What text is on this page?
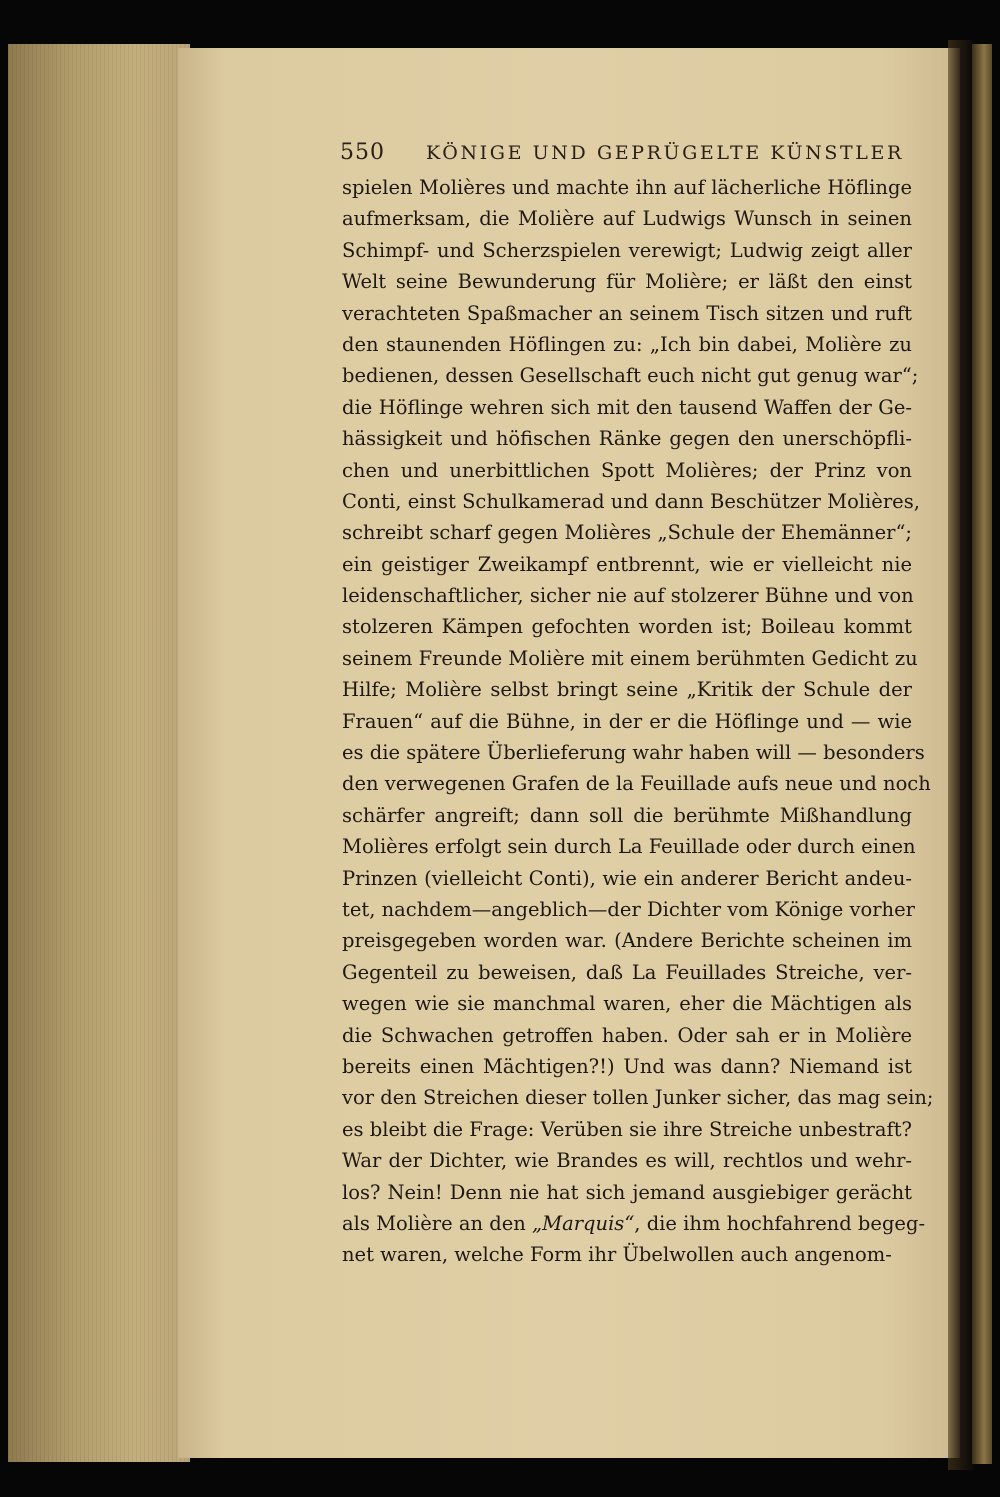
550 KÖNIGE UND GEPRÜGELTE KÜNSTLER
spielen Molières und machte ihn auf lächerliche Höflinge
aufmerksam, die Molière auf Ludwigs Wunsch in seinen
Schimpf- und Scherzspielen verewigt; Ludwig zeigt aller
Welt seine Bewunderung für Molière; er läßt den einst
verachteten Spaßmacher an seinem Tisch sitzen und ruft
den staunenden Höflingen zu: „Ich bin dabei, Molière zu
bedienen, dessen Gesellschaft euch nicht gut genug war“;
die Höflinge wehren sich mit den tausend Waffen der Ge-
hässigkeit und höfischen Ränke gegen den unerschöpfli-
chen und unerbittlichen Spott Molières; der Prinz von
Conti, einst Schulkamerad und dann Beschützer Molières,
schreibt scharf gegen Molières „Schule der Ehemänner“;
ein geistiger Zweikampf entbrennt, wie er vielleicht nie
leidenschaftlicher, sicher nie auf stolzerer Bühne und von
stolzeren Kämpen gefochten worden ist; Boileau kommt
seinem Freunde Molière mit einem berühmten Gedicht zu
Hilfe; Molière selbst bringt seine „Kritik der Schule der
Frauen“ auf die Bühne, in der er die Höflinge und — wie
es die spätere Überlieferung wahr haben will — besonders
den verwegenen Grafen de la Feuillade aufs neue und noch
schärfer angreift; dann soll die berühmte Mißhandlung
Molières erfolgt sein durch La Feuillade oder durch einen
Prinzen (vielleicht Conti), wie ein anderer Bericht andeu-
tet, nachdem—angeblich—der Dichter vom Könige vorher
preisgegeben worden war. (Andere Berichte scheinen im
Gegenteil zu beweisen, daß La Feuillades Streiche, ver-
wegen wie sie manchmal waren, eher die Mächtigen als
die Schwachen getroffen haben. Oder sah er in Molière
bereits einen Mächtigen?!) Und was dann? Niemand ist
vor den Streichen dieser tollen Junker sicher, das mag sein;
es bleibt die Frage: Verüben sie ihre Streiche unbestraft?
War der Dichter, wie Brandes es will, rechtlos und wehr-
los? Nein! Denn nie hat sich jemand ausgiebiger gerächt
als Molière an den „Marquis“, die ihm hochfahrend begeg-
net waren, welche Form ihr Übelwollen auch angenom-
